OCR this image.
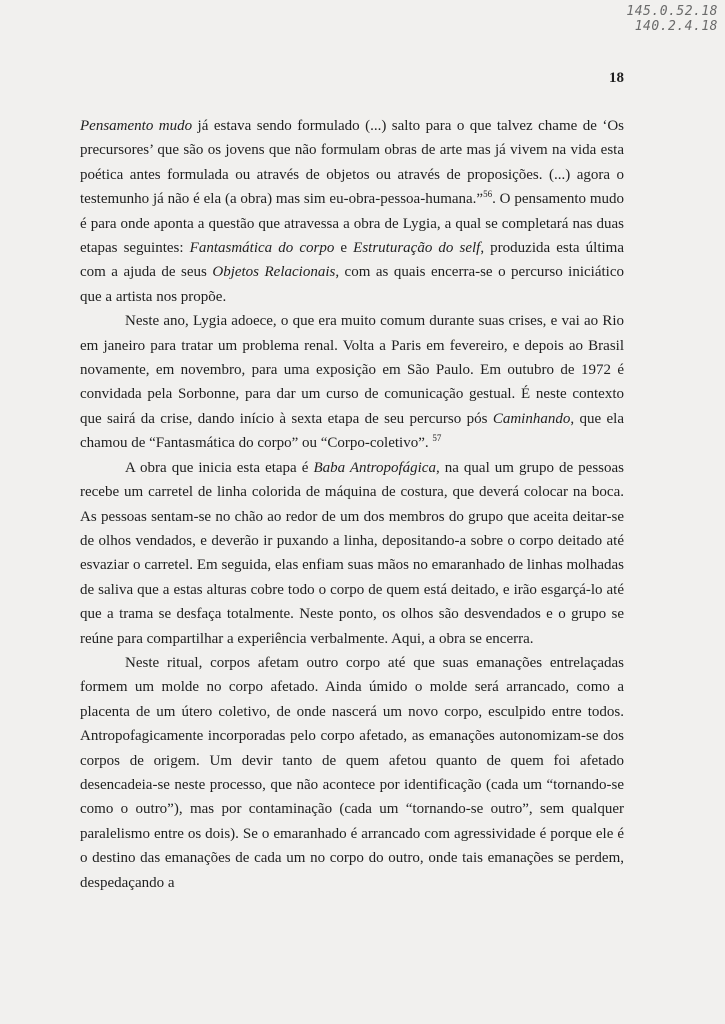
145.0.52.18
140.2.4.18
18

Pensamento mudo já estava sendo formulado (...) salto para o que talvez chame de ‘Os precursores’ que são os jovens que não formulam obras de arte mas já vivem na vida esta poética antes formulada ou através de objetos ou através de proposições. (...) agora o testemunho já não é ela (a obra) mas sim eu-obra-pessoa-humana.”$^{56}$. O pensamento mudo é para onde aponta a questão que atravessa a obra de Lygia, a qual se completará nas duas etapas seguintes: Fantasmática do corpo e Estruturação do self, produzida esta última com a ajuda de seus Objetos Relacionais, com as quais encerra-se o percurso iniciático que a artista nos propõe.

Neste ano, Lygia adoece, o que era muito comum durante suas crises, e vai ao Rio em janeiro para tratar um problema renal. Volta a Paris em fevereiro, e depois ao Brasil novamente, em novembro, para uma exposição em São Paulo. Em outubro de 1972 é convidada pela Sorbonne, para dar um curso de comunicação gestual. É neste contexto que sairá da crise, dando início à sexta etapa de seu percurso pós Caminhando, que ela chamou de “Fantasmática do corpo” ou “Corpo-coletivo”. $^{57}$

A obra que inicia esta etapa é Baba Antropofágica, na qual um grupo de pessoas recebe um carretel de linha colorida de máquina de costura, que deverá colocar na boca. As pessoas sentam-se no chão ao redor de um dos membros do grupo que aceita deitar-se de olhos vendados, e deverão ir puxando a linha, depositando-a sobre o corpo deitado até esvaziar o carretel. Em seguida, elas enfiam suas mãos no emaranhado de linhas molhadas de saliva que a estas alturas cobre todo o corpo de quem está deitado, e irão esgarçá-lo até que a trama se desfaça totalmente. Neste ponto, os olhos são desvendados e o grupo se reúne para compartilhar a experiência verbalmente. Aqui, a obra se encerra.

Neste ritual, corpos afetam outro corpo até que suas emanações entrelaçadas formem um molde no corpo afetado. Ainda úmido o molde será arrancado, como a placenta de um útero coletivo, de onde nascerá um novo corpo, esculpido entre todos. Antropofagicamente incorporadas pelo corpo afetado, as emanações autonomizam-se dos corpos de origem. Um devir tanto de quem afetou quanto de quem foi afetado desencadeia-se neste processo, que não acontece por identificação (cada um “tornando-se como o outro”), mas por contaminação (cada um “tornando-se outro”, sem qualquer paralelismo entre os dois). Se o emaranhado é arrancado com agressividade é porque ele é o destino das emanações de cada um no corpo do outro, onde tais emanações se perdem, despedaçando a
